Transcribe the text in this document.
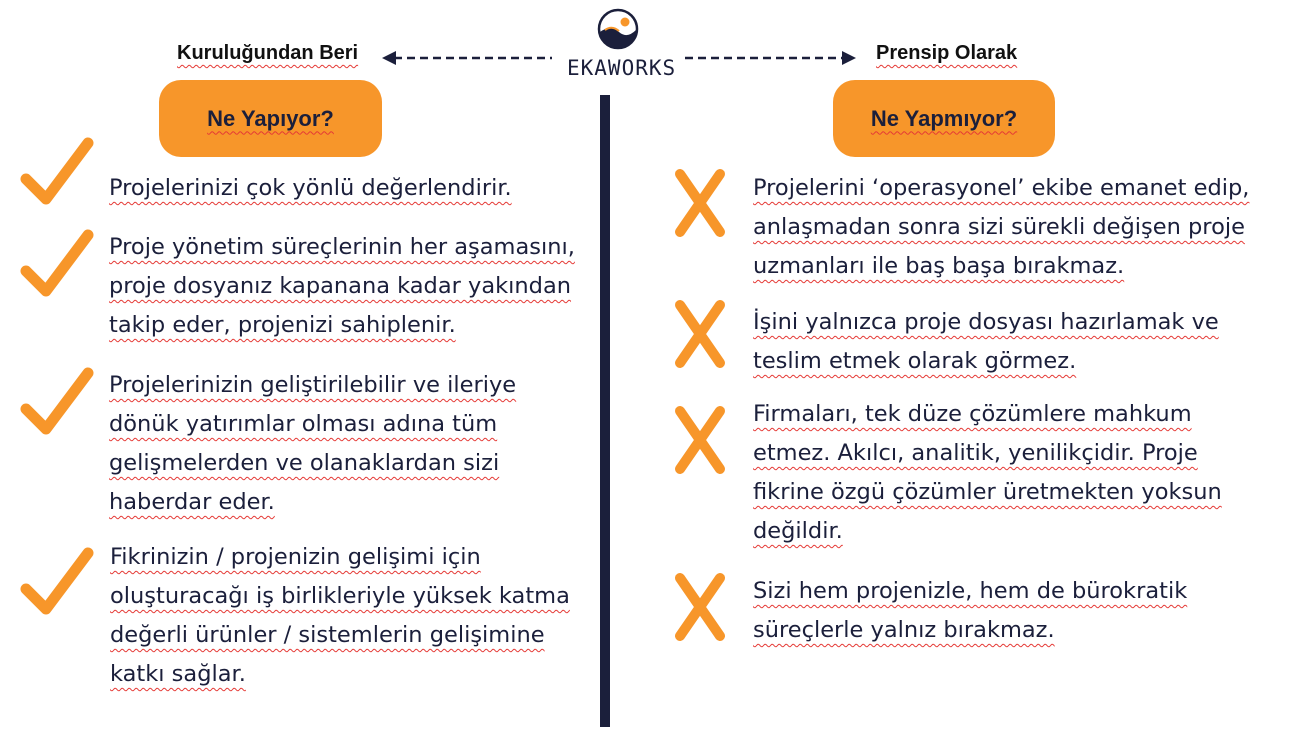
Kuruluğundan Beri
EKAWORKS
Prensip Olarak
Ne Yapıyor?	Ne Yapmıyor?
Projelerinizi çok yönlü değerlendirir.
Proje yönetim süreçlerinin her aşamasını, proje dosyanız kapanana kadar yakından takip eder, projenizi sahiplenir.
Projelerinizin geliştirilebilir ve ileriye dönük yatırımlar olması adına tüm gelişmelerden ve olanaklardan sizi haberdar eder.
Fikrinizin / projenizin gelişimi için oluşturacağı iş birlikleriyle yüksek katma değerli ürünler / sistemlerin gelişimine katkı sağlar.
Projelerini ‘operasyonel’ ekibe emanet edip, anlaşmadan sonra sizi sürekli değişen proje uzmanları ile baş başa bırakmaz.
İşini yalnızca proje dosyası hazırlamak ve teslim etmek olarak görmez.
Firmaları, tek düze çözümlere mahkum etmez. Akılcı, analitik, yenilikçidir. Proje fikrine özgü çözümler üretmekten yoksun değildir.
Sizi hem projenizle, hem de bürokratik süreçlerle yalnız bırakmaz.
